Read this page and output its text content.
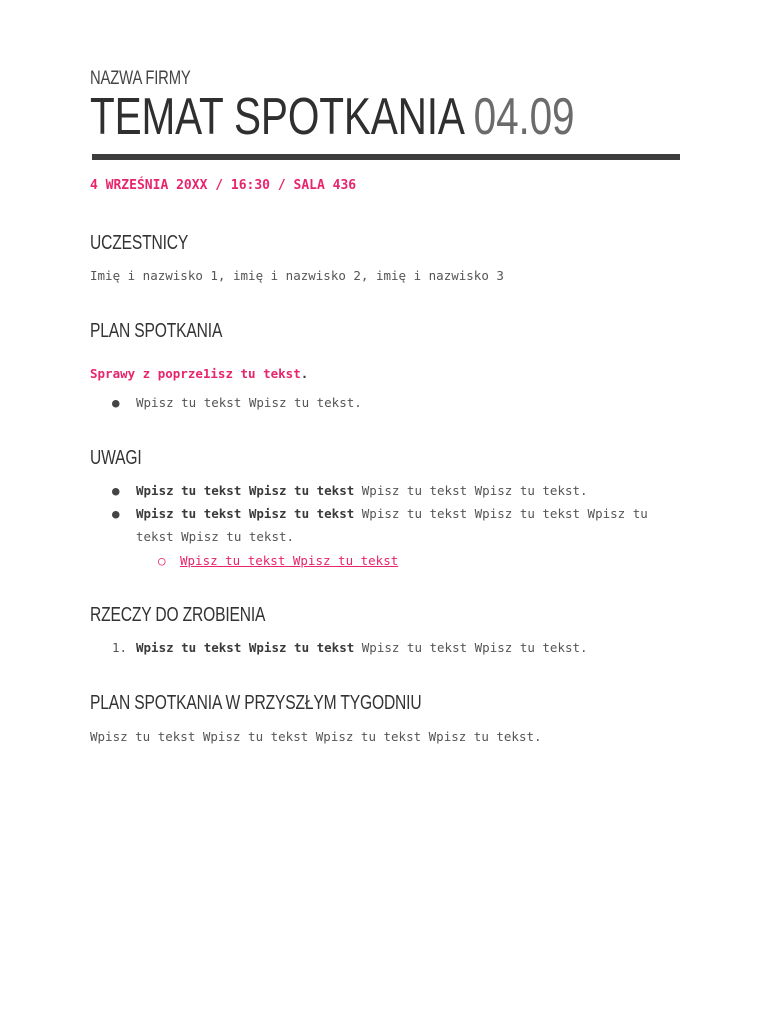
NAZWA FIRMY
TEMAT SPOTKANIA 04.09
4 WRZEŚNIA 20XX / 16:30 / SALA 436
UCZESTNICY
Imię i nazwisko 1, imię i nazwisko 2, imię i nazwisko 3
PLAN SPOTKANIA
Sprawy z poprze1isz tu tekst.
● Wpisz tu tekst Wpisz tu tekst.
UWAGI
● Wpisz tu tekst Wpisz tu tekst Wpisz tu tekst Wpisz tu tekst.
● Wpisz tu tekst Wpisz tu tekst Wpisz tu tekst Wpisz tu tekst Wpisz tu
tekst Wpisz tu tekst.
○ Wpisz tu tekst Wpisz tu tekst
RZECZY DO ZROBIENIA
1. Wpisz tu tekst Wpisz tu tekst Wpisz tu tekst Wpisz tu tekst.
PLAN SPOTKANIA W PRZYSZŁYM TYGODNIU
Wpisz tu tekst Wpisz tu tekst Wpisz tu tekst Wpisz tu tekst.
